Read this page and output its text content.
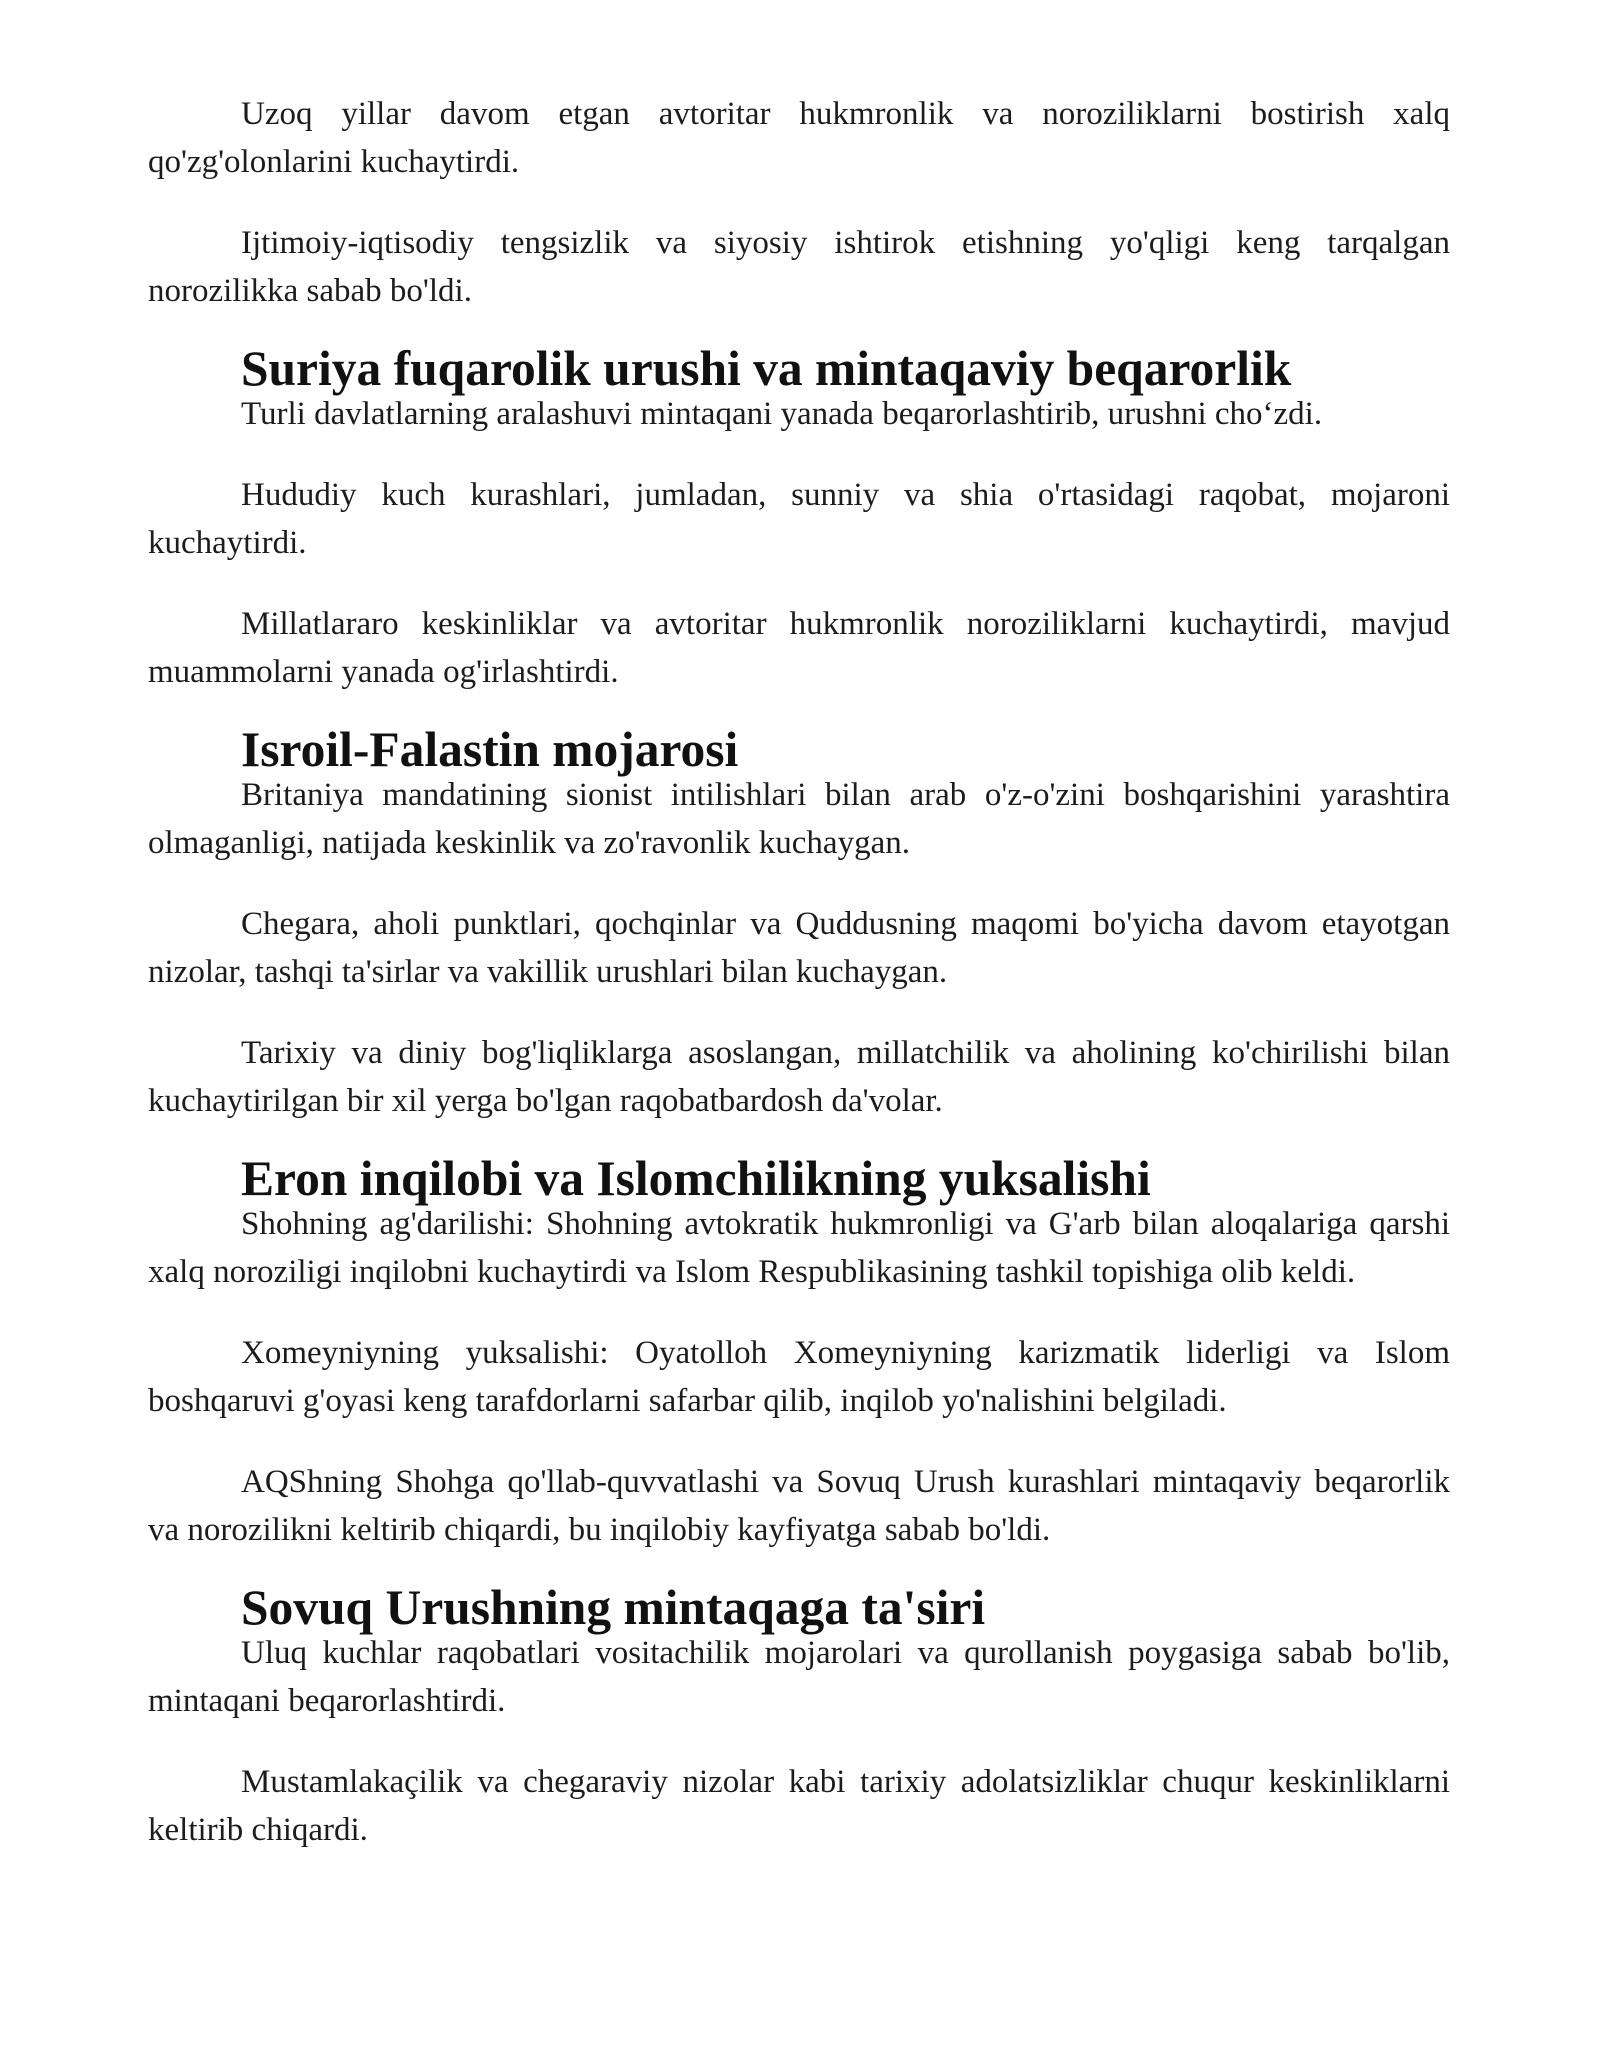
Uzoq yillar davom etgan avtoritar hukmronlik va noroziliklarni bostirish xalq qo'zg'olonlarini kuchaytirdi.

Ijtimoiy-iqtisodiy tengsizlik va siyosiy ishtirok etishning yo'qligi keng tarqalgan norozilikka sabab bo'ldi.

Suriya fuqarolik urushi va mintaqaviy beqarorlik

Turli davlatlarning aralashuvi mintaqani yanada beqarorlashtirib, urushni cho‘zdi.

Hududiy kuch kurashlari, jumladan, sunniy va shia o'rtasidagi raqobat, mojaroni kuchaytirdi.

Millatlararo keskinliklar va avtoritar hukmronlik noroziliklarni kuchaytirdi, mavjud muammolarni yanada og'irlashtirdi.

Isroil-Falastin mojarosi

Britaniya mandatining sionist intilishlari bilan arab o'z-o'zini boshqarishini yarashtira olmaganligi, natijada keskinlik va zo'ravonlik kuchaygan.

Chegara, aholi punktlari, qochqinlar va Quddusning maqomi bo'yicha davom etayotgan nizolar, tashqi ta'sirlar va vakillik urushlari bilan kuchaygan.

Tarixiy va diniy bog'liqliklarga asoslangan, millatchilik va aholining ko'chirilishi bilan kuchaytirilgan bir xil yerga bo'lgan raqobatbardosh da'volar.

Eron inqilobi va Islomchilikning yuksalishi

Shohning ag'darilishi: Shohning avtokratik hukmronligi va G'arb bilan aloqalariga qarshi xalq noroziligi inqilobni kuchaytirdi va Islom Respublikasining tashkil topishiga olib keldi.

Xomeyniyning yuksalishi: Oyatolloh Xomeyniyning karizmatik liderligi va Islom boshqaruvi g'oyasi keng tarafdorlarni safarbar qilib, inqilob yo'nalishini belgiladi.

AQShning Shohga qo'llab-quvvatlashi va Sovuq Urush kurashlari mintaqaviy beqarorlik va norozilikni keltirib chiqardi, bu inqilobiy kayfiyatga sabab bo'ldi.

Sovuq Urushning mintaqaga ta'siri

Uluq kuchlar raqobatlari vositachilik mojarolari va qurollanish poygasiga sabab bo'lib, mintaqani beqarorlashtirdi.

Mustamlakaçilik va chegaraviy nizolar kabi tarixiy adolatsizliklar chuqur keskinliklarni keltirib chiqardi.
